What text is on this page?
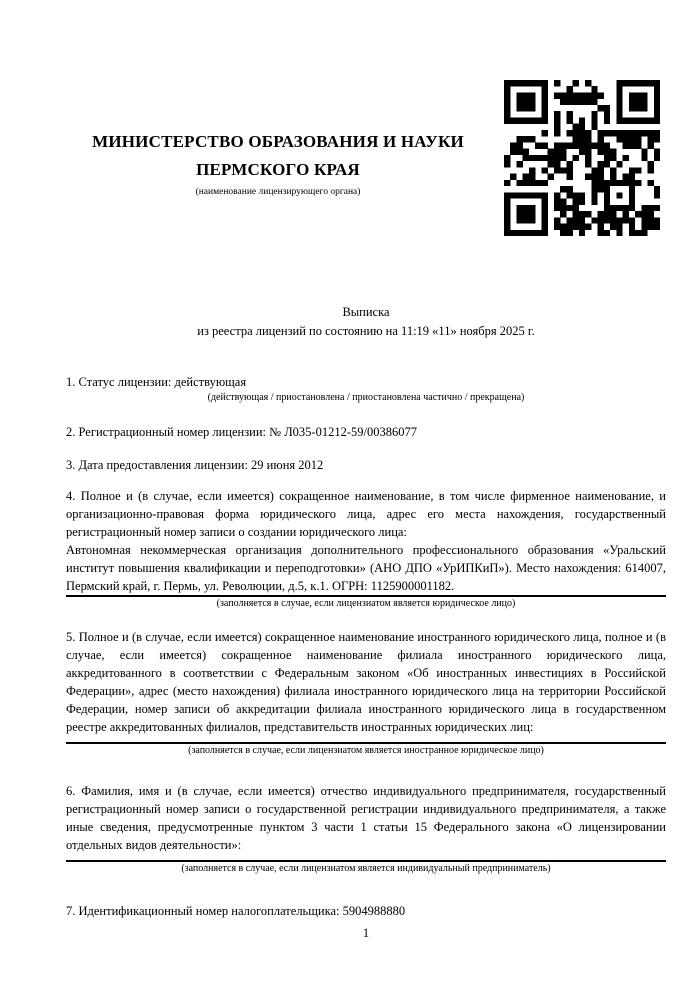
МИНИСТЕРСТВО ОБРАЗОВАНИЯ И НАУКИ
ПЕРМСКОГО КРАЯ
(наименование лицензирующего органа)
Выписка
из реестра лицензий по состоянию на 11:19 «11» ноября 2025 г.

1. Статус лицензии: действующая

(действующая / приостановлена / приостановлена частично / прекращена)

2. Регистрационный номер лицензии: № Л035-01212-59/00386077

3. Дата предоставления лицензии: 29 июня 2012

4. Полное и (в случае, если имеется) сокращенное наименование, в том числе фирменное наименование, и организационно-правовая форма юридического лица, адрес его места нахождения, государственный регистрационный номер записи о создании юридического лица:
Автономная некоммерческая организация дополнительного профессионального образования «Уральский институт повышения квалификации и переподготовки» (АНО ДПО «УрИПКиП»). Место нахождения: 614007, Пермский край, г. Пермь, ул. Революции, д.5, к.1. ОГРН: 1125900001182.

(заполняется в случае, если лицензиатом является юридическое лицо)

5. Полное и (в случае, если имеется) сокращенное наименование иностранного юридического лица, полное и (в случае, если имеется) сокращенное наименование филиала иностранного юридического лица, аккредитованного в соответствии с Федеральным законом «Об иностранных инвестициях в Российской Федерации», адрес (место нахождения) филиала иностранного юридического лица на территории Российской Федерации, номер записи об аккредитации филиала иностранного юридического лица в государственном реестре аккредитованных филиалов, представительств иностранных юридических лиц:

(заполняется в случае, если лицензиатом является иностранное юридическое лицо)

6. Фамилия, имя и (в случае, если имеется) отчество индивидуального предпринимателя, государственный регистрационный номер записи о государственной регистрации индивидуального предпринимателя, а также иные сведения, предусмотренные пунктом 3 части 1 статьи 15 Федерального закона «О лицензировании отдельных видов деятельности»:

(заполняется в случае, если лицензиатом является индивидуальный предприниматель)

7. Идентификационный номер налогоплательщика: 5904988880

1
